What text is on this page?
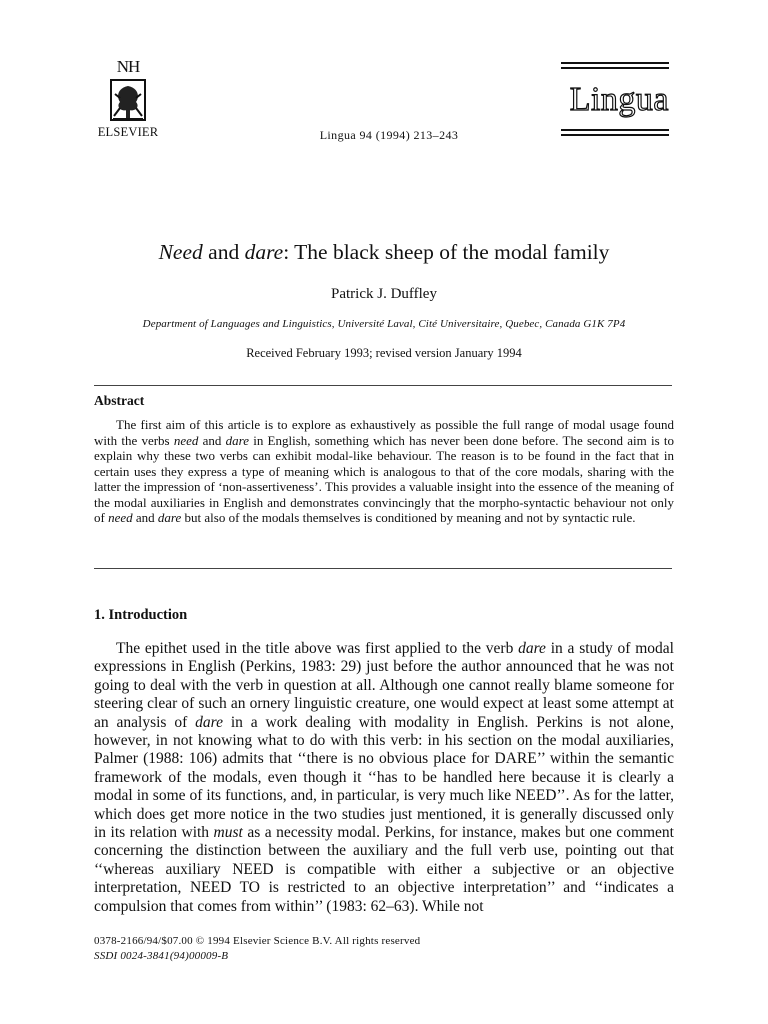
NH
ELSEVIER	Lingua 94 (1994) 213–243
Lingua
Need and dare: The black sheep of the modal family
Patrick J. Duffley
Department of Languages and Linguistics, Université Laval, Cité Universitaire, Quebec, Canada G1K 7P4
Received February 1993; revised version January 1994
Abstract
The first aim of this article is to explore as exhaustively as possible the full range of modal usage found with the verbs need and dare in English, something which has never been done before. The second aim is to explain why these two verbs can exhibit modal-like behaviour. The reason is to be found in the fact that in certain uses they express a type of meaning which is analogous to that of the core modals, sharing with the latter the impression of ‘non-assertiveness’. This provides a valuable insight into the essence of the meaning of the modal auxiliaries in English and demonstrates convincingly that the morpho-syntactic behaviour not only of need and dare but also of the modals themselves is conditioned by meaning and not by syntactic rule.
1. Introduction
The epithet used in the title above was first applied to the verb dare in a study of modal expressions in English (Perkins, 1983: 29) just before the author announced that he was not going to deal with the verb in question at all. Although one cannot really blame someone for steering clear of such an ornery linguistic creature, one would expect at least some attempt at an analysis of dare in a work dealing with modality in English. Perkins is not alone, however, in not knowing what to do with this verb: in his section on the modal auxiliaries, Palmer (1988: 106) admits that ‘‘there is no obvious place for DARE’’ within the semantic framework of the modals, even though it ‘‘has to be handled here because it is clearly a modal in some of its functions, and, in particular, is very much like NEED’’. As for the latter, which does get more notice in the two studies just mentioned, it is generally discussed only in its relation with must as a necessity modal. Perkins, for instance, makes but one comment concerning the distinction between the auxiliary and the full verb use, pointing out that ‘‘whereas auxiliary NEED is compatible with either a subjective or an objective interpretation, NEED TO is restricted to an objective interpretation’’ and ‘‘indicates a compulsion that comes from within’’ (1983: 62–63). While not
0378-2166/94/$07.00 © 1994 Elsevier Science B.V. All rights reserved
SSDI 0024-3841(94)00009-B
